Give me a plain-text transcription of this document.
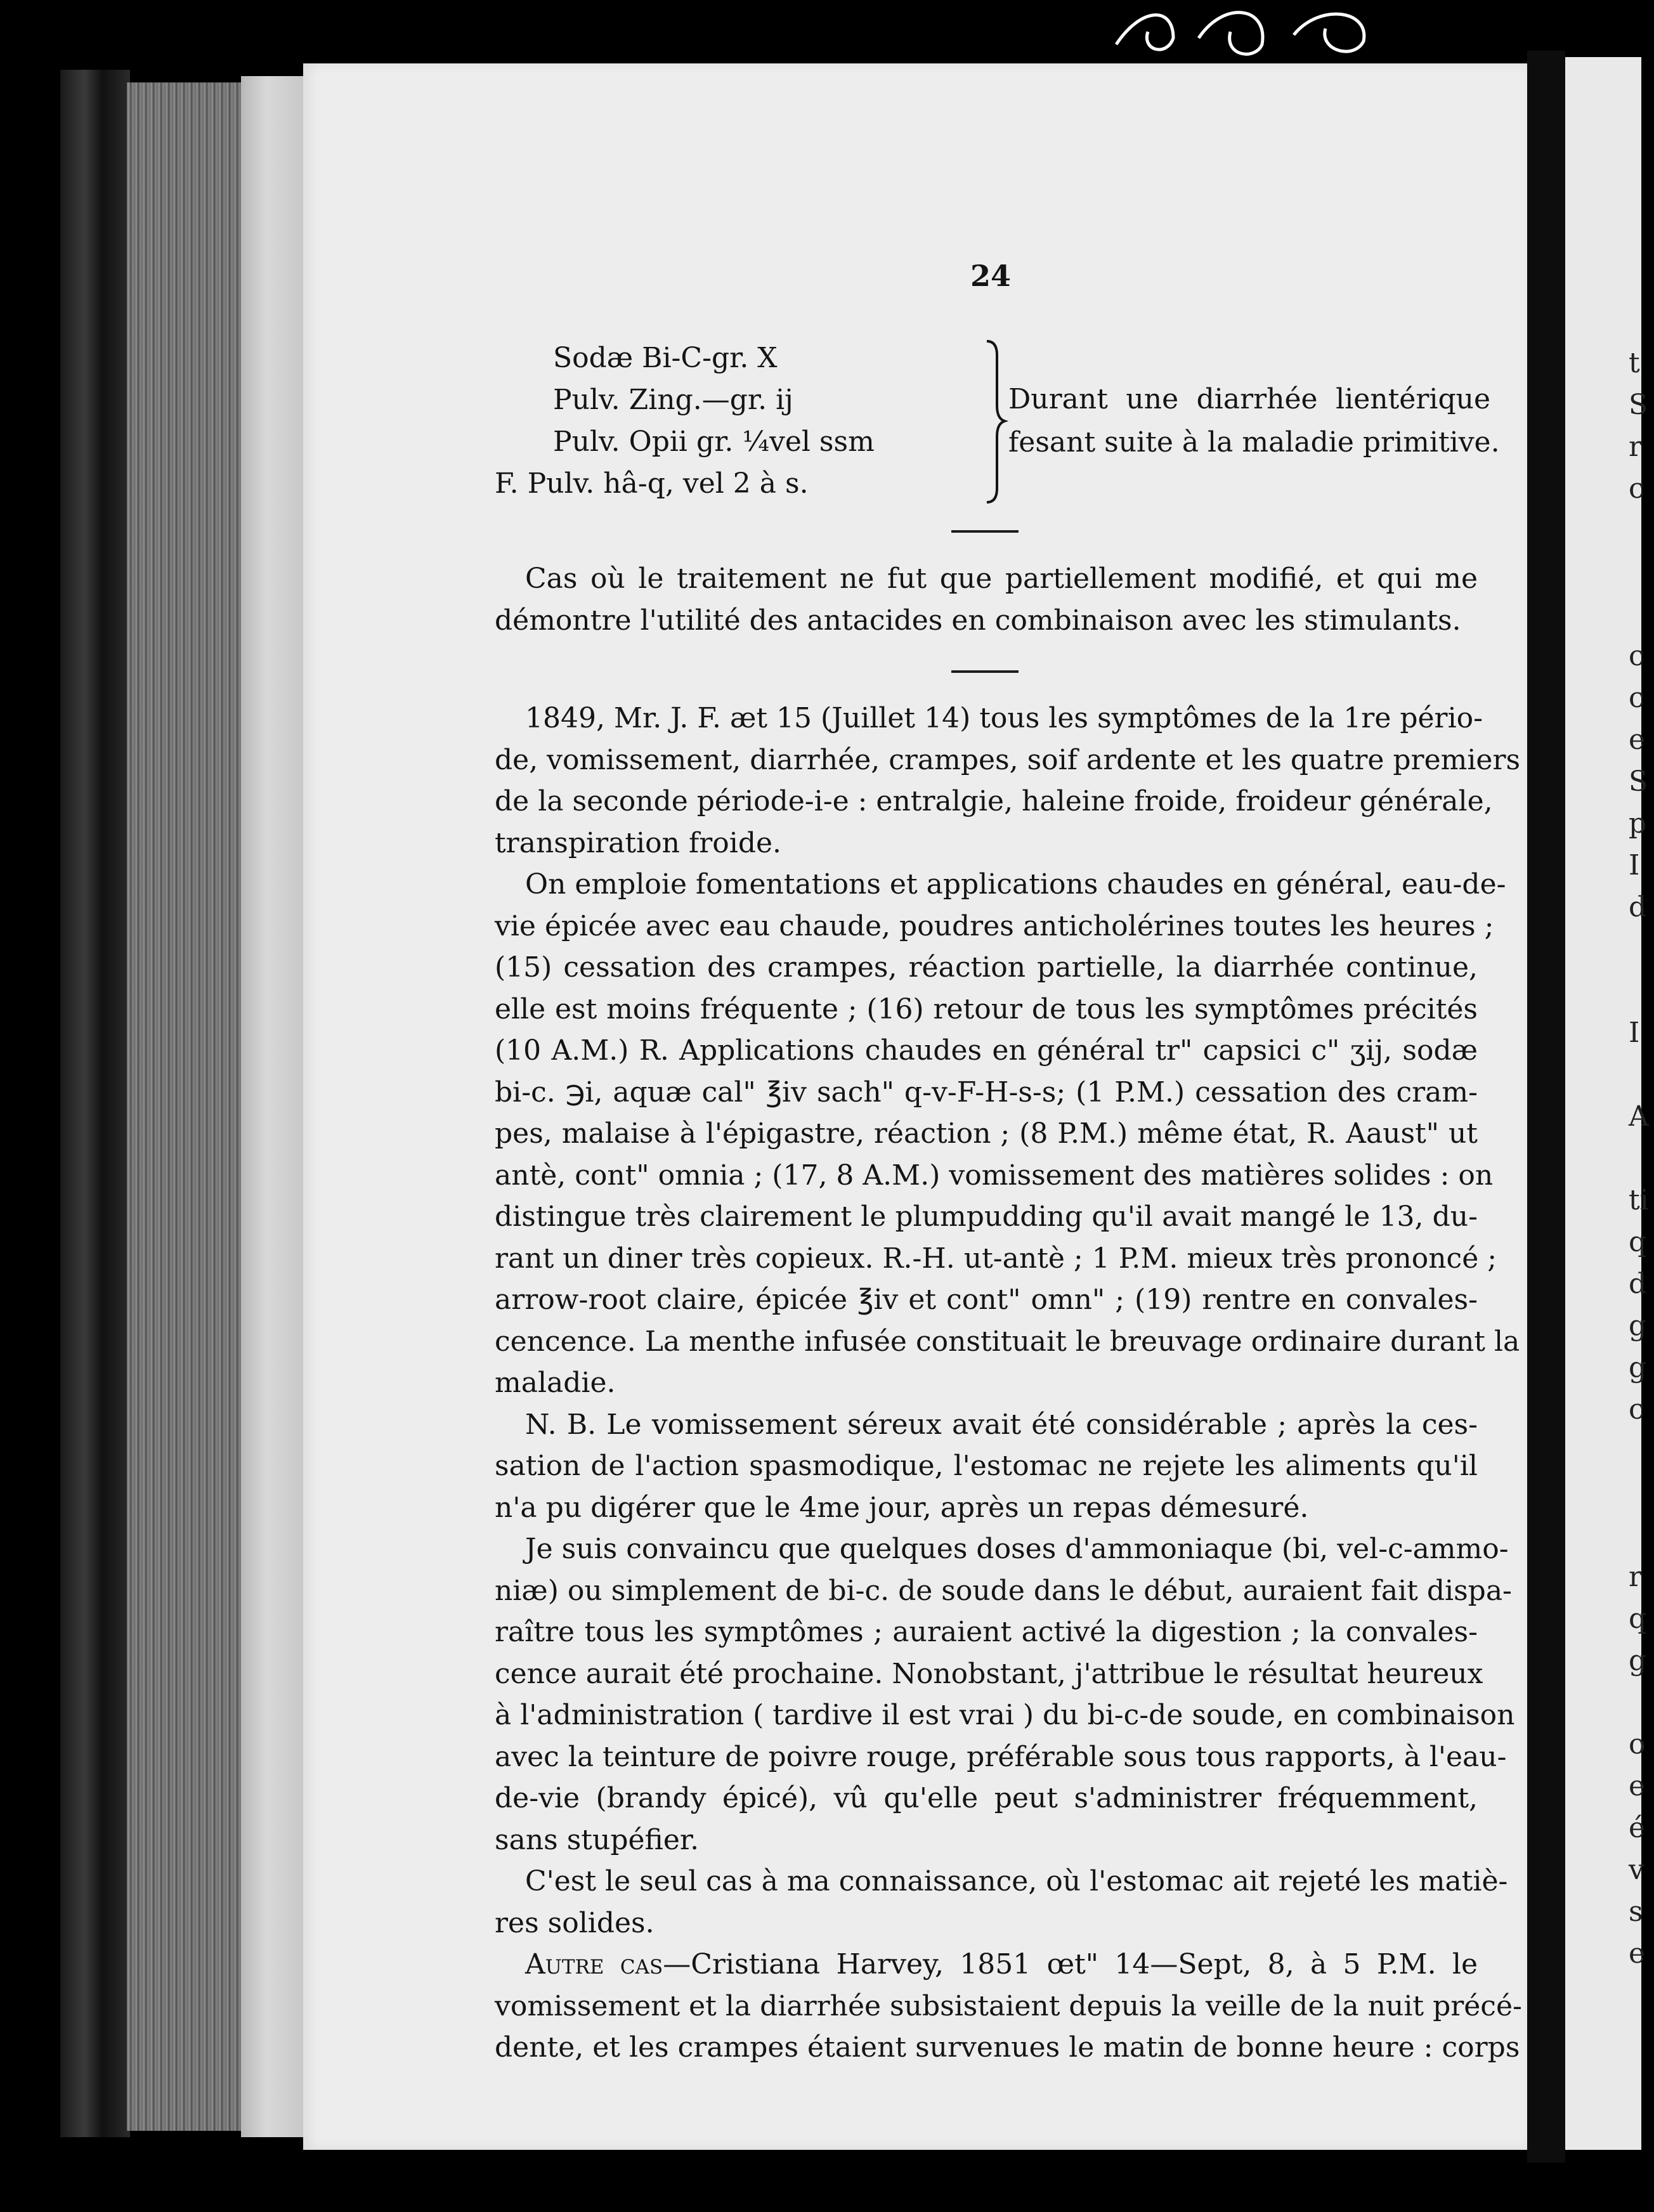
t
S
r
c

c
c
e
S
p
I
d

I

A

ti
q
d
g
g
c

r
q
g

o
e
é
v
s
e
24
Sodæ Bi-C-gr. X
Pulv. Zing.—gr. ij
Pulv. Opii gr. ¼vel ssm
F. Pulv. hâ-q, vel 2 à s.
Durant une diarrhée lientérique
fesant suite à la maladie primitive.
Cas où le traitement ne fut que partiellement modifié, et qui me
démontre l'utilité des antacides en combinaison avec les stimulants.
1849, Mr. J. F. æt 15 (Juillet 14) tous les symptômes de la 1re pério-
de, vomissement, diarrhée, crampes, soif ardente et les quatre premiers
de la seconde période-i-e : entralgie, haleine froide, froideur générale,
transpiration froide.
On emploie fomentations et applications chaudes en général, eau-de-
vie épicée avec eau chaude, poudres anticholérines toutes les heures ;
(15) cessation des crampes, réaction partielle, la diarrhée continue,
elle est moins fréquente ; (16) retour de tous les symptômes précités
(10 A.M.) R. Applications chaudes en général tr" capsici c" ʒij, sodæ
bi-c. ℈i, aquæ cal" ℥iv sach" q-v-F-H-s-s; (1 P.M.) cessation des cram-
pes, malaise à l'épigastre, réaction ; (8 P.M.) même état, R. Aaust" ut
antè, cont" omnia ; (17, 8 A.M.) vomissement des matières solides : on
distingue très clairement le plumpudding qu'il avait mangé le 13, du-
rant un diner très copieux. R.-H. ut-antè ; 1 P.M. mieux très prononcé ;
arrow-root claire, épicée ℥iv et cont" omn" ; (19) rentre en convales-
cencence. La menthe infusée constituait le breuvage ordinaire durant la
maladie.
N. B. Le vomissement séreux avait été considérable ; après la ces-
sation de l'action spasmodique, l'estomac ne rejete les aliments qu'il
n'a pu digérer que le 4me jour, après un repas démesuré.
Je suis convaincu que quelques doses d'ammoniaque (bi, vel-c-ammo-
niæ) ou simplement de bi-c. de soude dans le début, auraient fait dispa-
raître tous les symptômes ; auraient activé la digestion ; la convales-
cence aurait été prochaine. Nonobstant, j'attribue le résultat heureux
à l'administration ( tardive il est vrai ) du bi-c-de soude, en combinaison
avec la teinture de poivre rouge, préférable sous tous rapports, à l'eau-
de-vie (brandy épicé), vû qu'elle peut s'administrer fréquemment,
sans stupéfier.
C'est le seul cas à ma connaissance, où l'estomac ait rejeté les matiè-
res solides.
Autre cas—Cristiana Harvey, 1851 œt" 14—Sept, 8, à 5 P.M. le
vomissement et la diarrhée subsistaient depuis la veille de la nuit précé-
dente, et les crampes étaient survenues le matin de bonne heure : corps
